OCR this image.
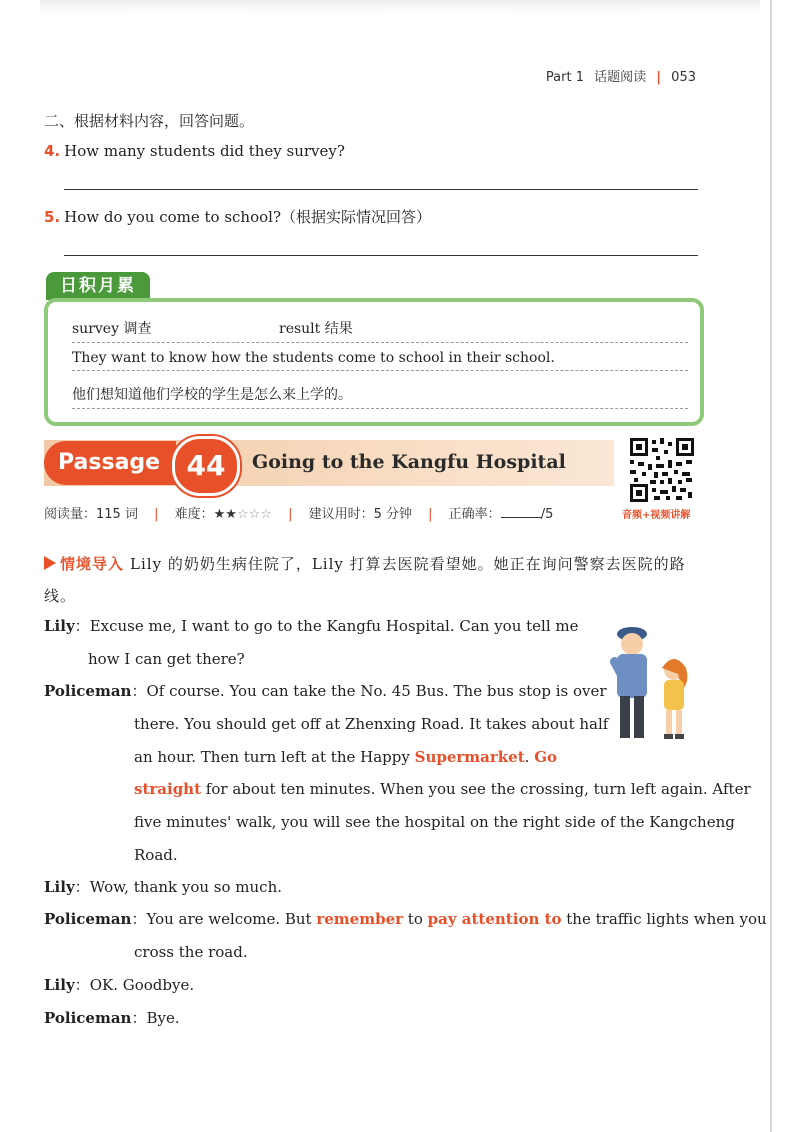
Part 1 话题阅读 | 053
二、根据材料内容，回答问题。
4. How many students did they survey?
5. How do you come to school?（根据实际情况回答）
日积月累
survey 调查	result 结果
They want to know how the students come to school in their school.
他们想知道他们学校的学生是怎么来上学的。
Passage 44	Going to the Kangfu Hospital
音频+视频讲解
阅读量：115 词 | 难度：★★☆☆☆ | 建议用时：5 分钟 | 正确率：	/5
情境导入 Lily 的奶奶生病住院了，Lily 打算去医院看望她。她正在询问警察去医院的路线。
Lily：Excuse me, I want to go to the Kangfu Hospital. Can you tell me
how I can get there?
Policeman：Of course. You can take the No. 45 Bus. The bus stop is over
there. You should get off at Zhenxing Road. It takes about half
an hour. Then turn left at the Happy Supermarket. Go
straight for about ten minutes. When you see the crossing, turn left again. After
five minutes' walk, you will see the hospital on the right side of the Kangcheng
Road.
Lily：Wow, thank you so much.
Policeman：You are welcome. But remember to pay attention to the traffic lights when you
cross the road.
Lily：OK. Goodbye.
Policeman：Bye.
